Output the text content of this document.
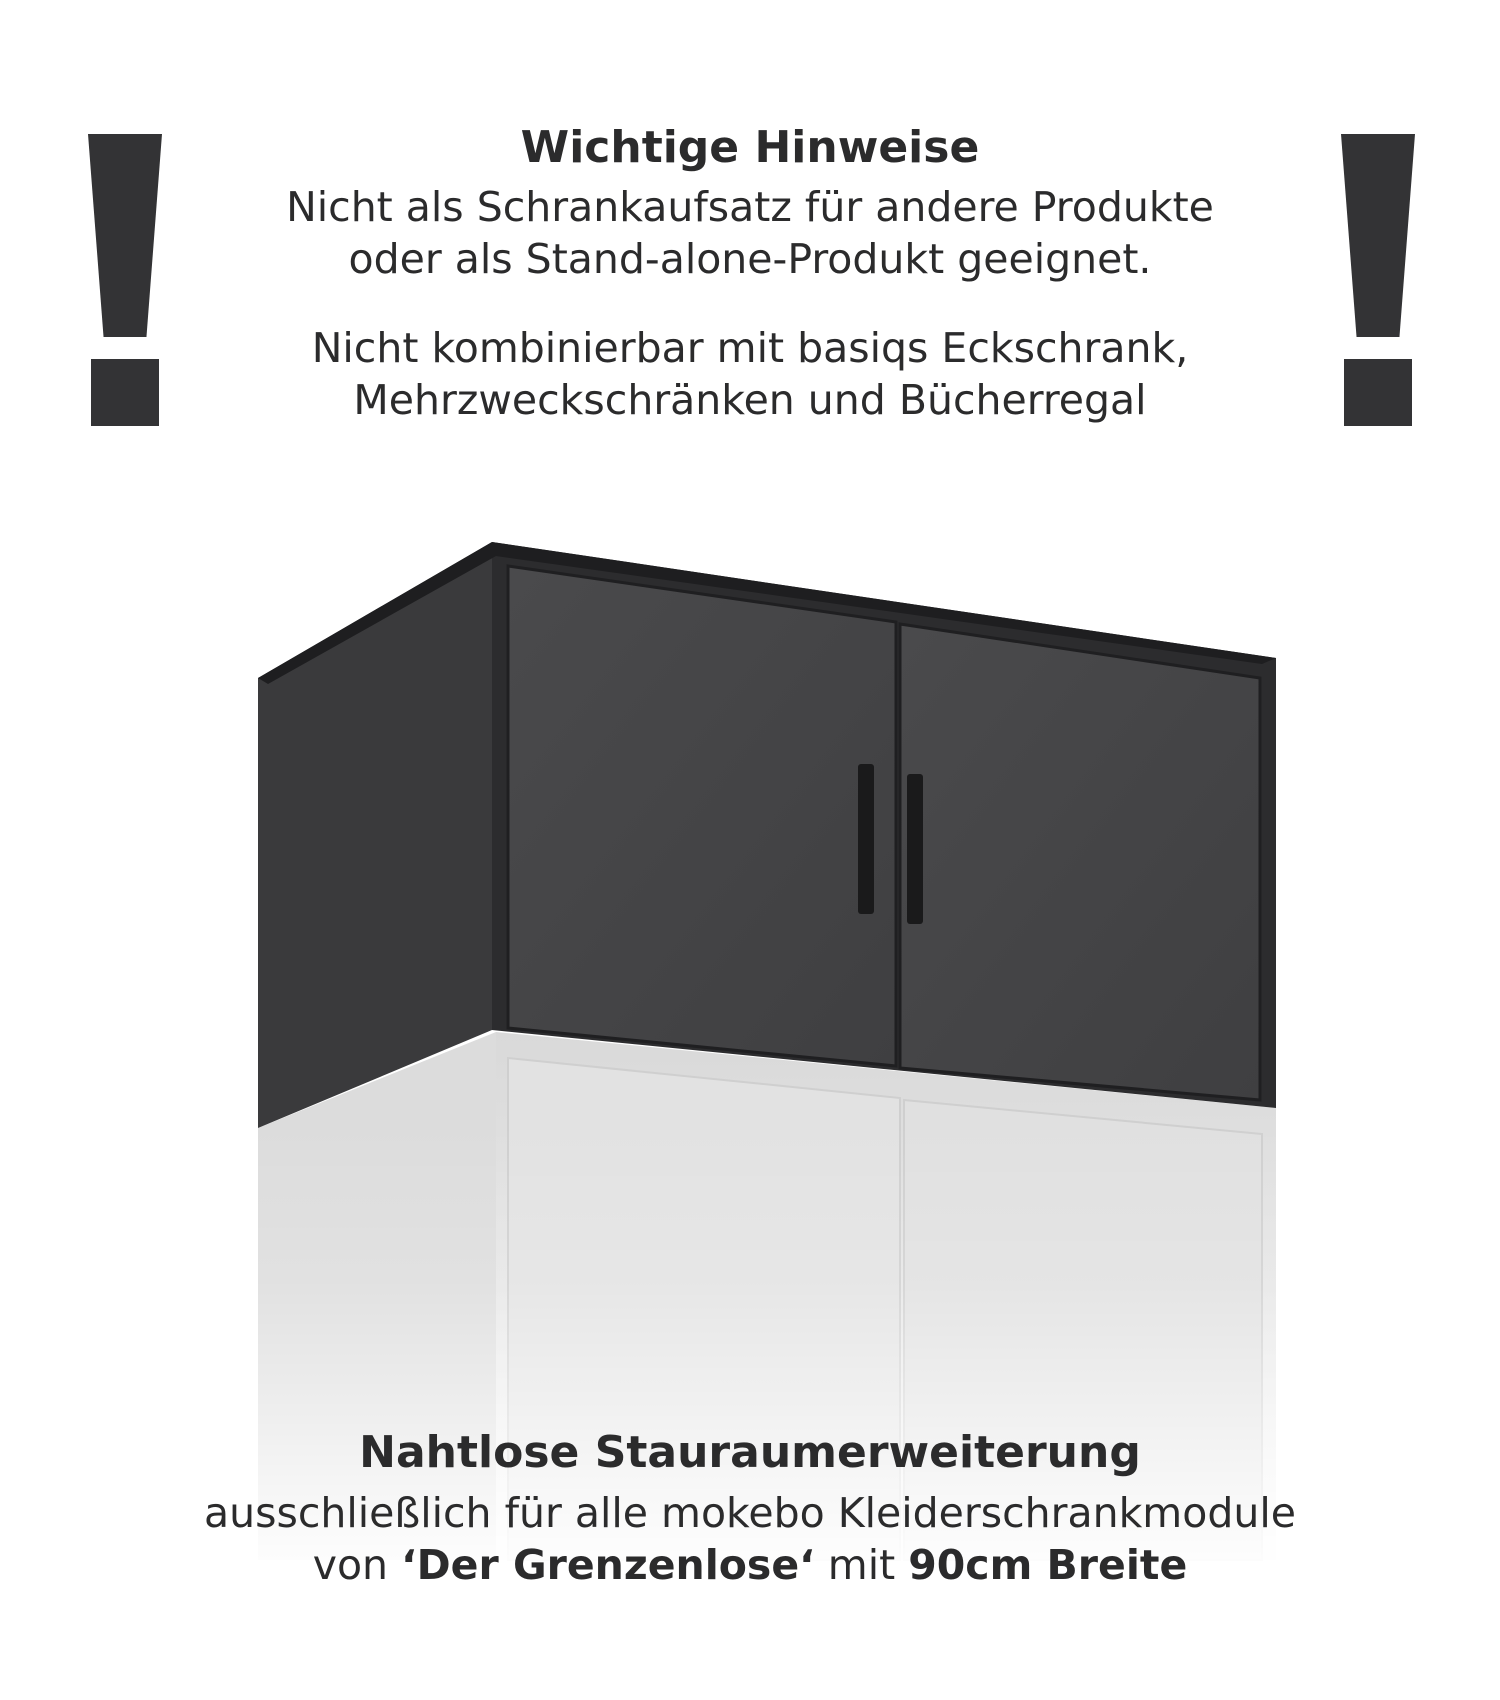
Wichtige Hinweise
Nicht als Schrankaufsatz für andere Produkte
oder als Stand-alone-Produkt geeignet.
Nicht kombinierbar mit basiqs Eckschrank,
Mehrzweckschränken und Bücherregal
Nahtlose Stauraumerweiterung
ausschließlich für alle mokebo Kleiderschrankmodule
von ‘Der Grenzenlose‘ mit 90cm Breite
